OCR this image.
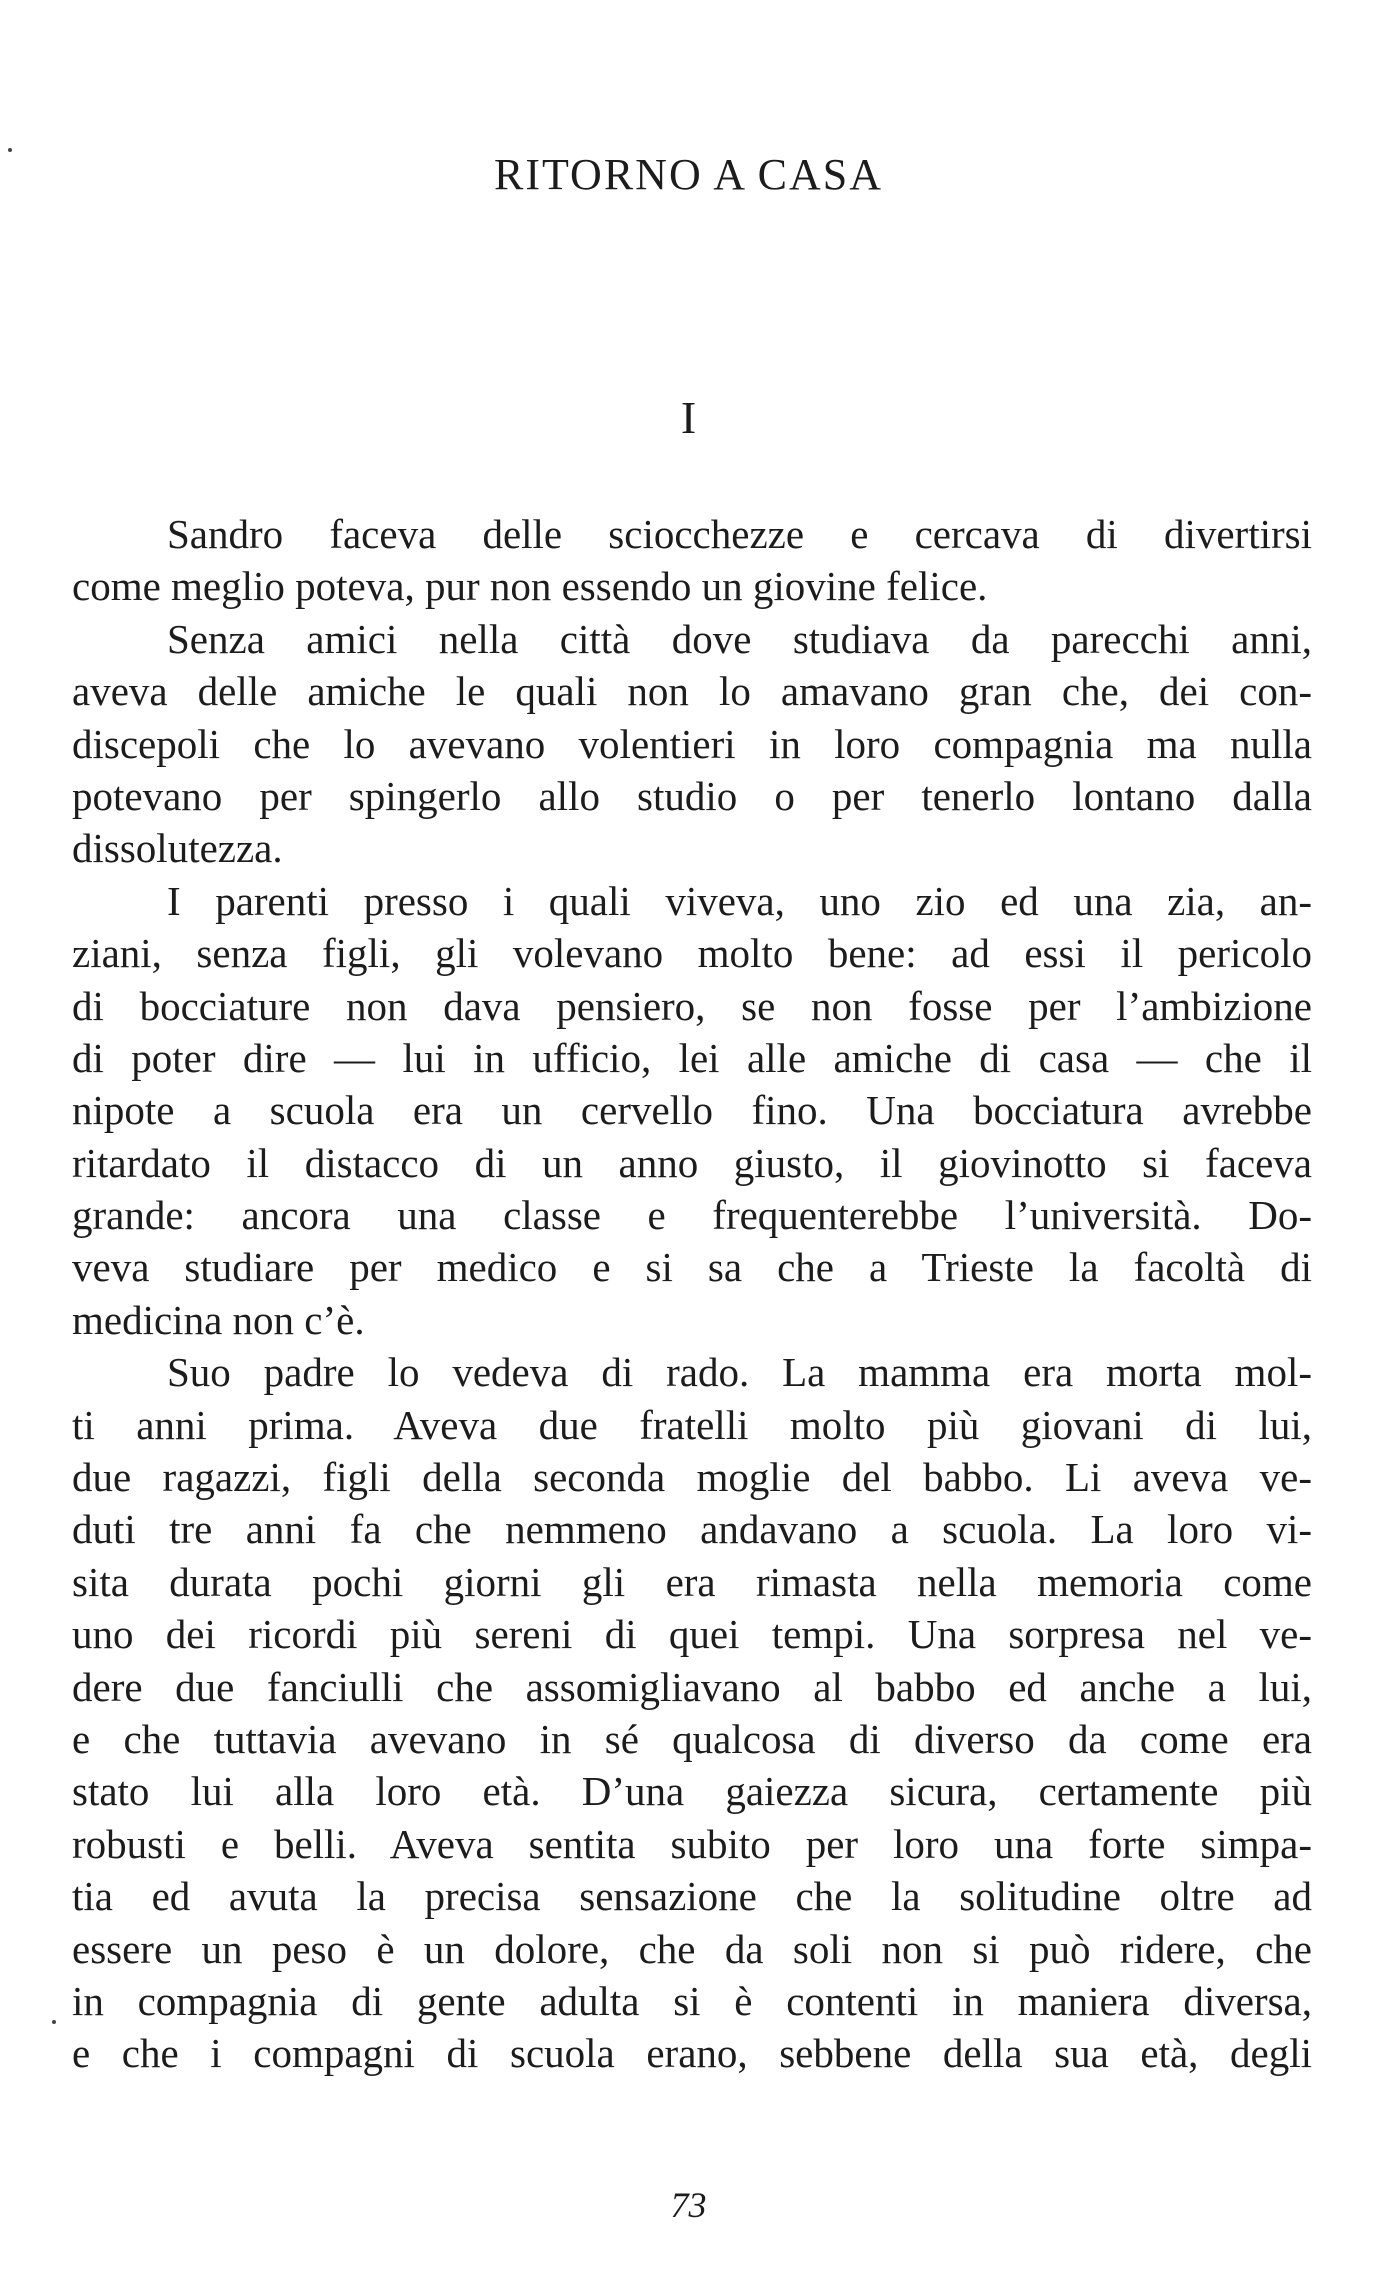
RITORNO A CASA
I
Sandro faceva delle sciocchezze e cercava di divertirsi
come meglio poteva, pur non essendo un giovine felice.
Senza amici nella città dove studiava da parecchi anni,
aveva delle amiche le quali non lo amavano gran che, dei con-
discepoli che lo avevano volentieri in loro compagnia ma nulla
potevano per spingerlo allo studio o per tenerlo lontano dalla
dissolutezza.
I parenti presso i quali viveva, uno zio ed una zia, an-
ziani, senza figli, gli volevano molto bene: ad essi il pericolo
di bocciature non dava pensiero, se non fosse per l’ambizione
di poter dire — lui in ufficio, lei alle amiche di casa — che il
nipote a scuola era un cervello fino. Una bocciatura avrebbe
ritardato il distacco di un anno giusto, il giovinotto si faceva
grande: ancora una classe e frequenterebbe l’università. Do-
veva studiare per medico e si sa che a Trieste la facoltà di
medicina non c’è.
Suo padre lo vedeva di rado. La mamma era morta mol-
ti anni prima. Aveva due fratelli molto più giovani di lui,
due ragazzi, figli della seconda moglie del babbo. Li aveva ve-
duti tre anni fa che nemmeno andavano a scuola. La loro vi-
sita durata pochi giorni gli era rimasta nella memoria come
uno dei ricordi più sereni di quei tempi. Una sorpresa nel ve-
dere due fanciulli che assomigliavano al babbo ed anche a lui,
e che tuttavia avevano in sé qualcosa di diverso da come era
stato lui alla loro età. D’una gaiezza sicura, certamente più
robusti e belli. Aveva sentita subito per loro una forte simpa-
tia ed avuta la precisa sensazione che la solitudine oltre ad
essere un peso è un dolore, che da soli non si può ridere, che
in compagnia di gente adulta si è contenti in maniera diversa,
e che i compagni di scuola erano, sebbene della sua età, degli
73
